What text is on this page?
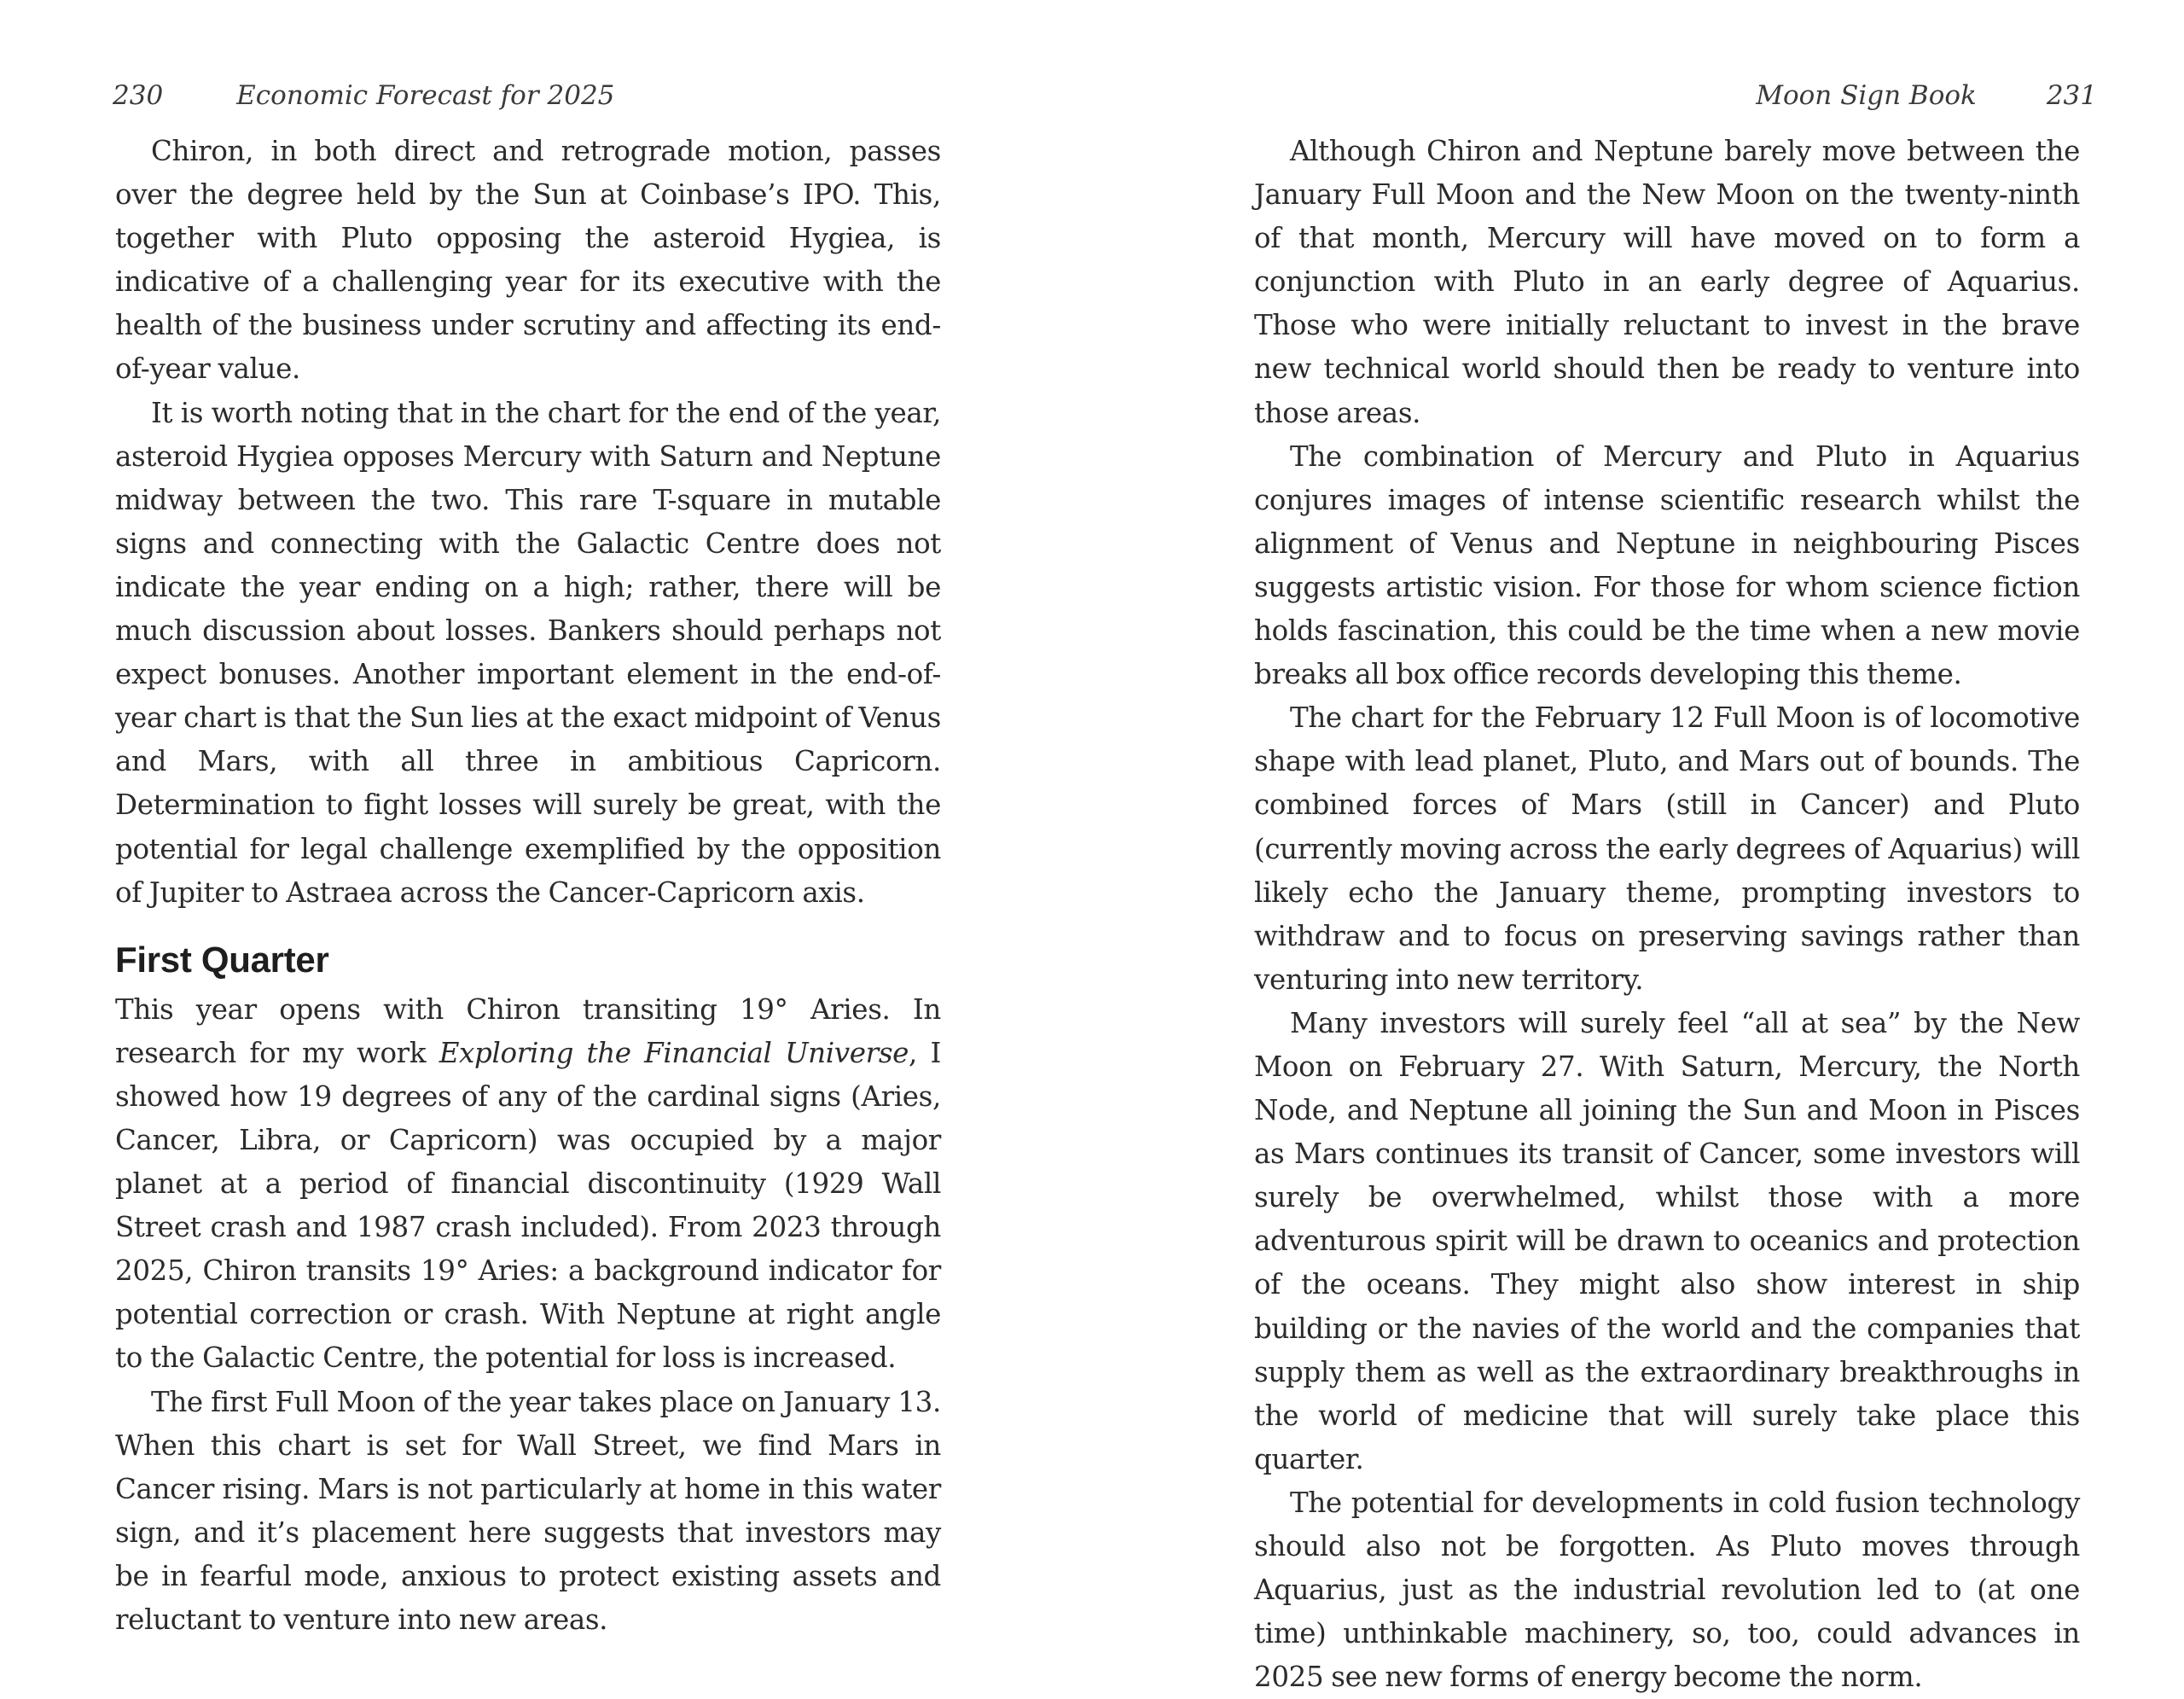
230	Economic Forecast for 2025

Chiron, in both direct and retrograde motion, passes over the degree held by the Sun at Coinbase’s IPO. This, together with Pluto opposing the asteroid Hygiea, is indicative of a challenging year for its executive with the health of the business under scrutiny and affecting its end-of-year value.

It is worth noting that in the chart for the end of the year, asteroid Hygiea opposes Mercury with Saturn and Neptune midway between the two. This rare T-square in mutable signs and connecting with the Galactic Centre does not indicate the year ending on a high; rather, there will be much discussion about losses. Bankers should perhaps not expect bonuses. Another important element in the end-of-year chart is that the Sun lies at the exact midpoint of Venus and Mars, with all three in ambitious Capricorn. Determination to fight losses will surely be great, with the potential for legal challenge exemplified by the opposition of Jupiter to Astraea across the Cancer-Capricorn axis.

First Quarter

This year opens with Chiron transiting 19° Aries. In research for my work Exploring the Financial Universe, I showed how 19 degrees of any of the cardinal signs (Aries, Cancer, Libra, or Capricorn) was occupied by a major planet at a period of financial discontinuity (1929 Wall Street crash and 1987 crash included). From 2023 through 2025, Chiron transits 19° Aries: a background indicator for potential correction or crash. With Neptune at right angle to the Galactic Centre, the potential for loss is increased.

The first Full Moon of the year takes place on January 13. When this chart is set for Wall Street, we find Mars in Cancer rising. Mars is not particularly at home in this water sign, and it’s placement here suggests that investors may be in fearful mode, anxious to protect existing assets and reluctant to venture into new areas.

Moon Sign Book	231

Although Chiron and Neptune barely move between the January Full Moon and the New Moon on the twenty-ninth of that month, Mercury will have moved on to form a conjunction with Pluto in an early degree of Aquarius. Those who were initially reluctant to invest in the brave new technical world should then be ready to venture into those areas.

The combination of Mercury and Pluto in Aquarius conjures images of intense scientific research whilst the alignment of Venus and Neptune in neighbouring Pisces suggests artistic vision. For those for whom science fiction holds fascination, this could be the time when a new movie breaks all box office records developing this theme.

The chart for the February 12 Full Moon is of locomotive shape with lead planet, Pluto, and Mars out of bounds. The combined forces of Mars (still in Cancer) and Pluto (currently moving across the early degrees of Aquarius) will likely echo the January theme, prompting investors to withdraw and to focus on preserving savings rather than venturing into new territory.

Many investors will surely feel “all at sea” by the New Moon on February 27. With Saturn, Mercury, the North Node, and Neptune all joining the Sun and Moon in Pisces as Mars continues its transit of Cancer, some investors will surely be overwhelmed, whilst those with a more adventurous spirit will be drawn to oceanics and protection of the oceans. They might also show interest in ship building or the navies of the world and the companies that supply them as well as the extraordinary breakthroughs in the world of medicine that will surely take place this quarter.

The potential for developments in cold fusion technology should also not be forgotten. As Pluto moves through Aquarius, just as the industrial revolution led to (at one time) unthinkable machinery, so, too, could advances in 2025 see new forms of energy become the norm.
